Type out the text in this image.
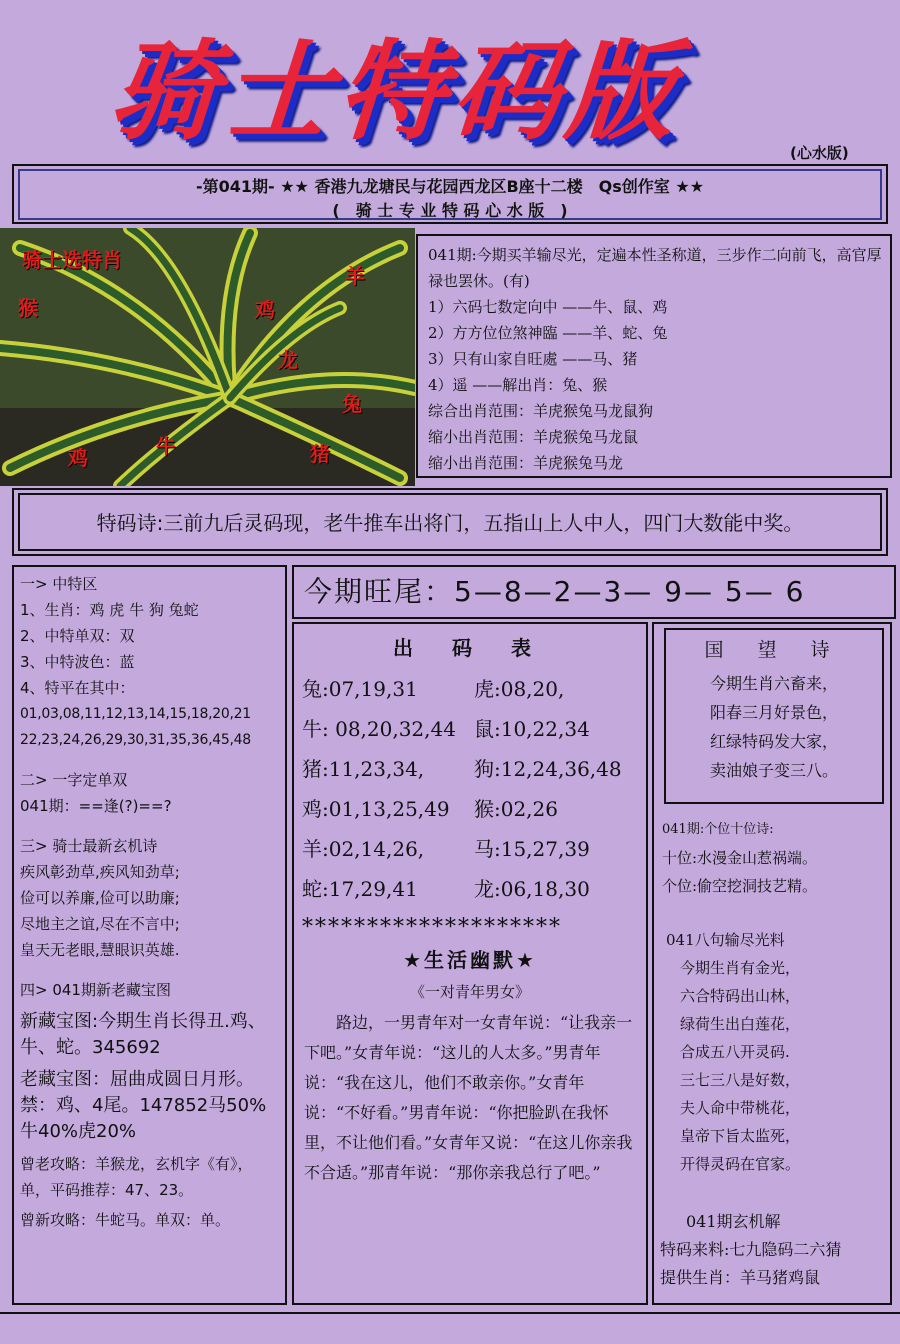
骑士特码版	(心水版)
-第041期- ★★ 香港九龙塘民与花园西龙区B座十二楼　Qs创作室 ★★
(　骑 士 专 业 特 码 心 水 版　)
骑士选特肖
羊
猴	鸡
龙
兔
鸡	牛	猪
041期:今期买羊输尽光，定遍本性圣称道，三步作二向前飞，高官厚禄也罢休。(有)
1）六码七数定向中 ——牛、鼠、鸡
2）方方位位煞神臨 ——羊、蛇、兔
3）只有山家自旺處 ——马、猪
4）遥 ——解出肖：兔、猴
综合出肖范围：羊虎猴兔马龙鼠狗
缩小出肖范围：羊虎猴兔马龙鼠
缩小出肖范围：羊虎猴兔马龙
特码诗:三前九后灵码现，老牛推车出将门，五指山上人中人，四门大数能中奖。
一> 中特区
1、生肖：鸡 虎 牛 狗 兔蛇
2、中特单双：双
3、中特波色：蓝
4、特平在其中：
01,03,08,11,12,13,14,15,18,20,21
22,23,24,26,29,30,31,35,36,45,48
二> 一字定单双
041期：==逢(?)==?
三> 骑士最新玄机诗
疾风彰劲草,疾风知劲草;
俭可以养廉,俭可以助廉;
尽地主之谊,尽在不言中;
皇天无老眼,慧眼识英雄.
四> 041期新老藏宝图
新藏宝图:今期生肖长得丑.鸡、牛、蛇。345692
老藏宝图：屈曲成圆日月形。禁：鸡、4尾。147852马50%牛40%虎20%
曾老攻略：羊猴龙，玄机字《有》，单，平码推荐：47、23。
曾新攻略：牛蛇马。单双：单。
今期旺尾：5—8—2—3— 9— 5— 6
出 码 表
兔:07,19,31	虎:08,20,
牛: 08,20,32,44 鼠:10,22,34
猪:11,23,34,	狗:12,24,36,48
鸡:01,13,25,49	猴:02,26
羊:02,14,26,	马:15,27,39
蛇:17,29,41	龙:06,18,30
********************
★生活幽默★
《一对青年男女》
路边，一男青年对一女青年说：“让我亲一下吧。”女青年说：“这儿的人太多。”男青年说：“我在这儿，他们不敢亲你。”女青年说：“不好看。”男青年说：“你把脸趴在我怀里，不让他们看。”女青年又说：“在这儿你亲我不合适。”那青年说：“那你亲我总行了吧。”
国 望 诗
今期生肖六畜来，
阳春三月好景色，
红绿特码发大家，
卖油娘子变三八。
041期:个位十位诗:
十位:水漫金山惹祸端。
个位:偷空挖洞技艺精。
041八句输尽光料
今期生肖有金光，
六合特码出山林，
绿荷生出白莲花，
合成五八开灵码.
三七三八是好数，
夫人命中带桃花，
皇帝下旨太监死，
开得灵码在官家。
041期玄机解
特码来料:七九隐码二六猜
提供生肖：羊马猪鸡鼠
